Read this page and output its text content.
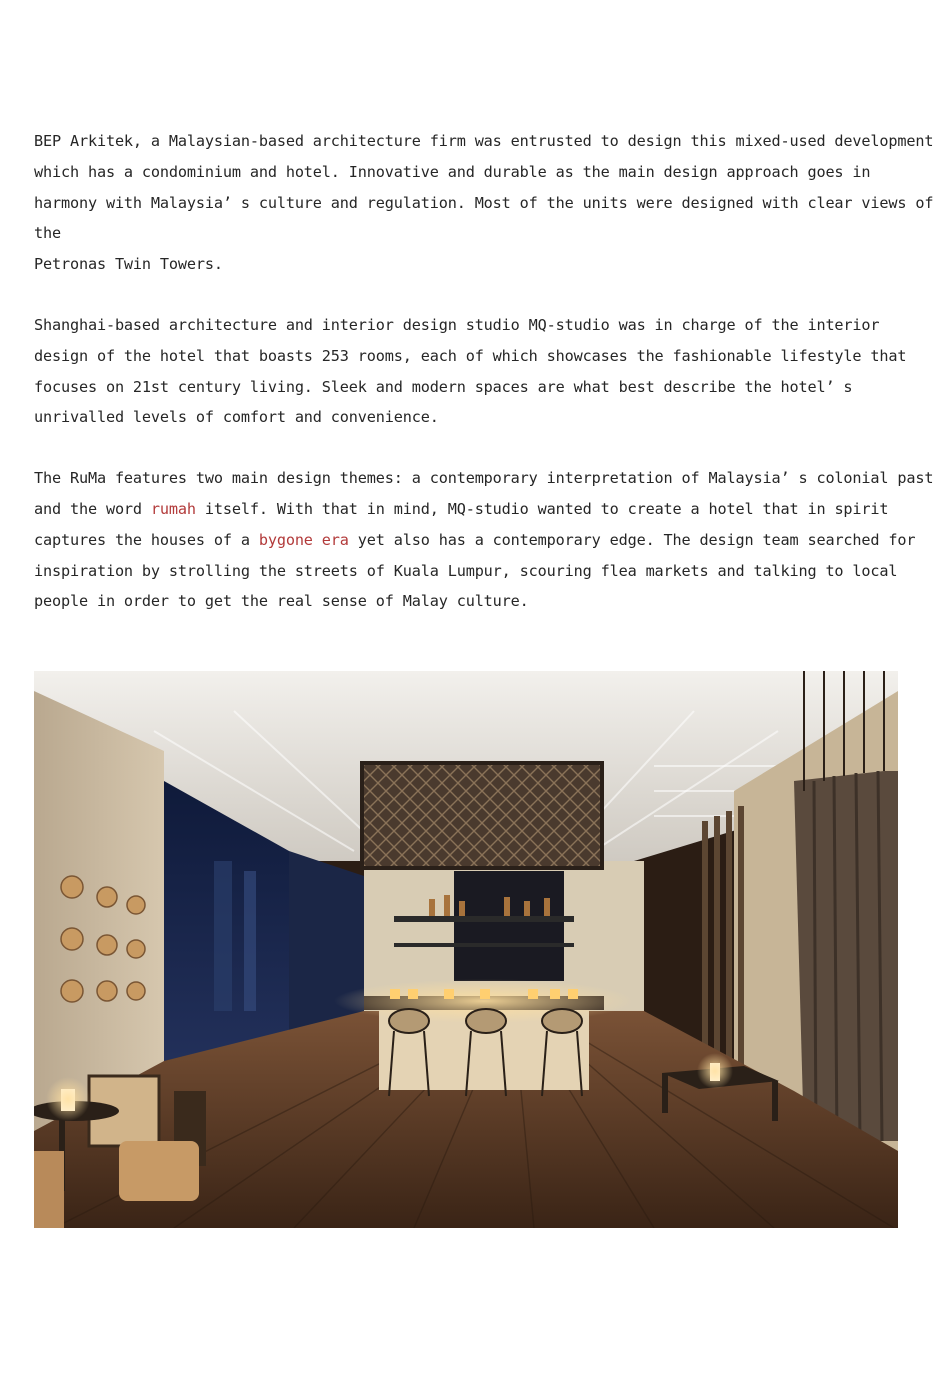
BEP Arkitek, a Malaysian-based architecture firm was entrusted to design this mixed-used development
which has a condominium and hotel. Innovative and durable as the main design approach goes in
harmony with Malaysia’ s culture and regulation. Most of the units were designed with clear views of
the
Petronas Twin Towers.

Shanghai-based architecture and interior design studio MQ-studio was in charge of the interior
design of the hotel that boasts 253 rooms, each of which showcases the fashionable lifestyle that
focuses on 21st century living. Sleek and modern spaces are what best describe the hotel’ s
unrivalled levels of comfort and convenience.

The RuMa features two main design themes: a contemporary interpretation of Malaysia’ s colonial past
and the word rumah itself. With that in mind, MQ-studio wanted to create a hotel that in spirit
captures the houses of a bygone era yet also has a contemporary edge. The design team searched for
inspiration by strolling the streets of Kuala Lumpur, scouring flea markets and talking to local
people in order to get the real sense of Malay culture.
